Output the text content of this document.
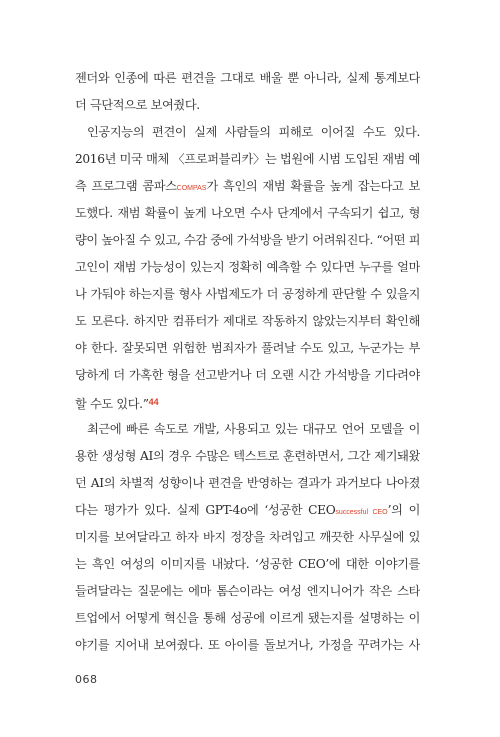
젠더와 인종에 따른 편견을 그대로 배울 뿐 아니라, 실제 통계보다
더 극단적으로 보여줬다.
인공지능의 편견이 실제 사람들의 피해로 이어질 수도 있다.
2016년 미국 매체 〈프로퍼블리카〉는 법원에 시범 도입된 재범 예
측 프로그램 콤파스COMPAS가 흑인의 재범 확률을 높게 잡는다고 보
도했다. 재범 확률이 높게 나오면 수사 단계에서 구속되기 쉽고, 형
량이 높아질 수 있고, 수감 중에 가석방을 받기 어려워진다. “어떤 피
고인이 재범 가능성이 있는지 정확히 예측할 수 있다면 누구를 얼마
나 가둬야 하는지를 형사 사법제도가 더 공정하게 판단할 수 있을지
도 모른다. 하지만 컴퓨터가 제대로 작동하지 않았는지부터 확인해
야 한다. 잘못되면 위험한 범죄자가 풀려날 수도 있고, 누군가는 부
당하게 더 가혹한 형을 선고받거나 더 오랜 시간 가석방을 기다려야
할 수도 있다.”$^{44}$
최근에 빠른 속도로 개발, 사용되고 있는 대규모 언어 모델을 이
용한 생성형 AI의 경우 수많은 텍스트로 훈련하면서, 그간 제기돼왔
던 AI의 차별적 성향이나 편견을 반영하는 결과가 과거보다 나아졌
다는 평가가 있다. 실제 GPT-4o에 ‘성공한 CEOsuccessful CEO’의 이
미지를 보여달라고 하자 바지 정장을 차려입고 깨끗한 사무실에 있
는 흑인 여성의 이미지를 내놨다. ‘성공한 CEO’에 대한 이야기를
들려달라는 질문에는 에마 톰슨이라는 여성 엔지니어가 작은 스타
트업에서 어떻게 혁신을 통해 성공에 이르게 됐는지를 설명하는 이
야기를 지어내 보여줬다. 또 아이를 돌보거나, 가정을 꾸려가는 사
068
